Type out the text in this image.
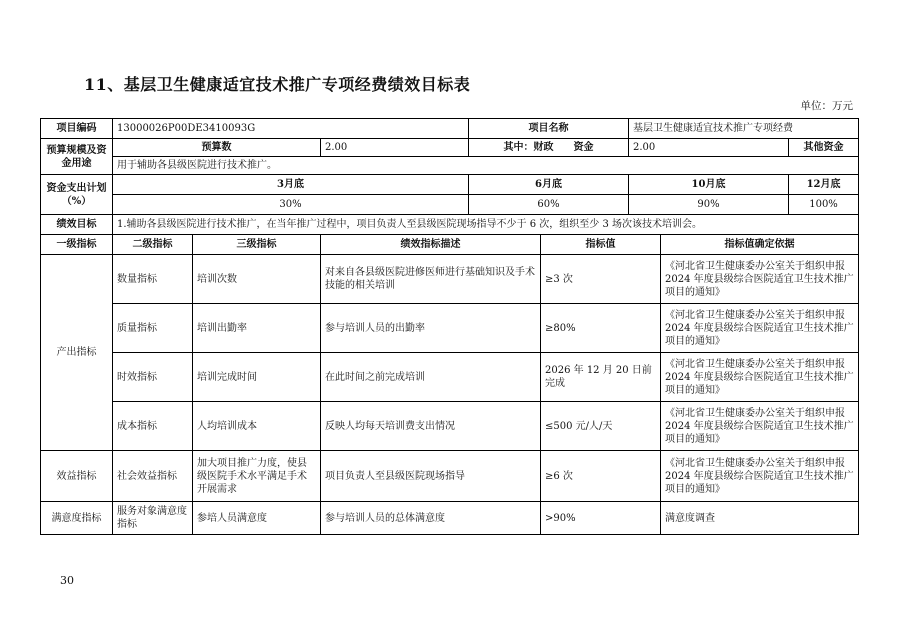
11、基层卫生健康适宜技术推广专项经费绩效目标表
单位：万元
项目编码	13000026P00DE3410093G			项目名称		基层卫生健康适宜技术推广专项经费		
预算规模及资金用途	预算数		2.00	其中：财政　　资金		2.00		其他资金
	用于辅助各县级医院进行技术推广。							
资金支出计划（%）	3月底			6月底		10月底		12月底
	30%			60%		90%		100%
绩效目标	1.辅助各县级医院进行技术推广，在当年推广过程中，项目负责人至县级医院现场指导不少于 6 次，组织至少 3 场次该技术培训会。							
一级指标	二级指标	三级指标	绩效指标描述		指标值		指标值确定依据	
产出指标	数量指标	培训次数	对来自各县级医院进修医师进行基础知识及手术技能的相关培训		≥3 次		《河北省卫生健康委办公室关于组织申报 2024 年度县级综合医院适宜卫生技术推广项目的通知》	
	质量指标	培训出勤率	参与培训人员的出勤率		≥80%		《河北省卫生健康委办公室关于组织申报 2024 年度县级综合医院适宜卫生技术推广项目的通知》	
	时效指标	培训完成时间	在此时间之前完成培训		2026 年 12 月 20 日前完成		《河北省卫生健康委办公室关于组织申报 2024 年度县级综合医院适宜卫生技术推广项目的通知》	
	成本指标	人均培训成本	反映人均每天培训费支出情况		≤500 元/人/天		《河北省卫生健康委办公室关于组织申报 2024 年度县级综合医院适宜卫生技术推广项目的通知》	
效益指标	社会效益指标	加大项目推广力度，使县级医院手术水平满足手术开展需求	项目负责人至县级医院现场指导		≥6 次		《河北省卫生健康委办公室关于组织申报 2024 年度县级综合医院适宜卫生技术推广项目的通知》	
满意度指标	服务对象满意度指标	参培人员满意度	参与培训人员的总体满意度		>90%		满意度调查	
30
